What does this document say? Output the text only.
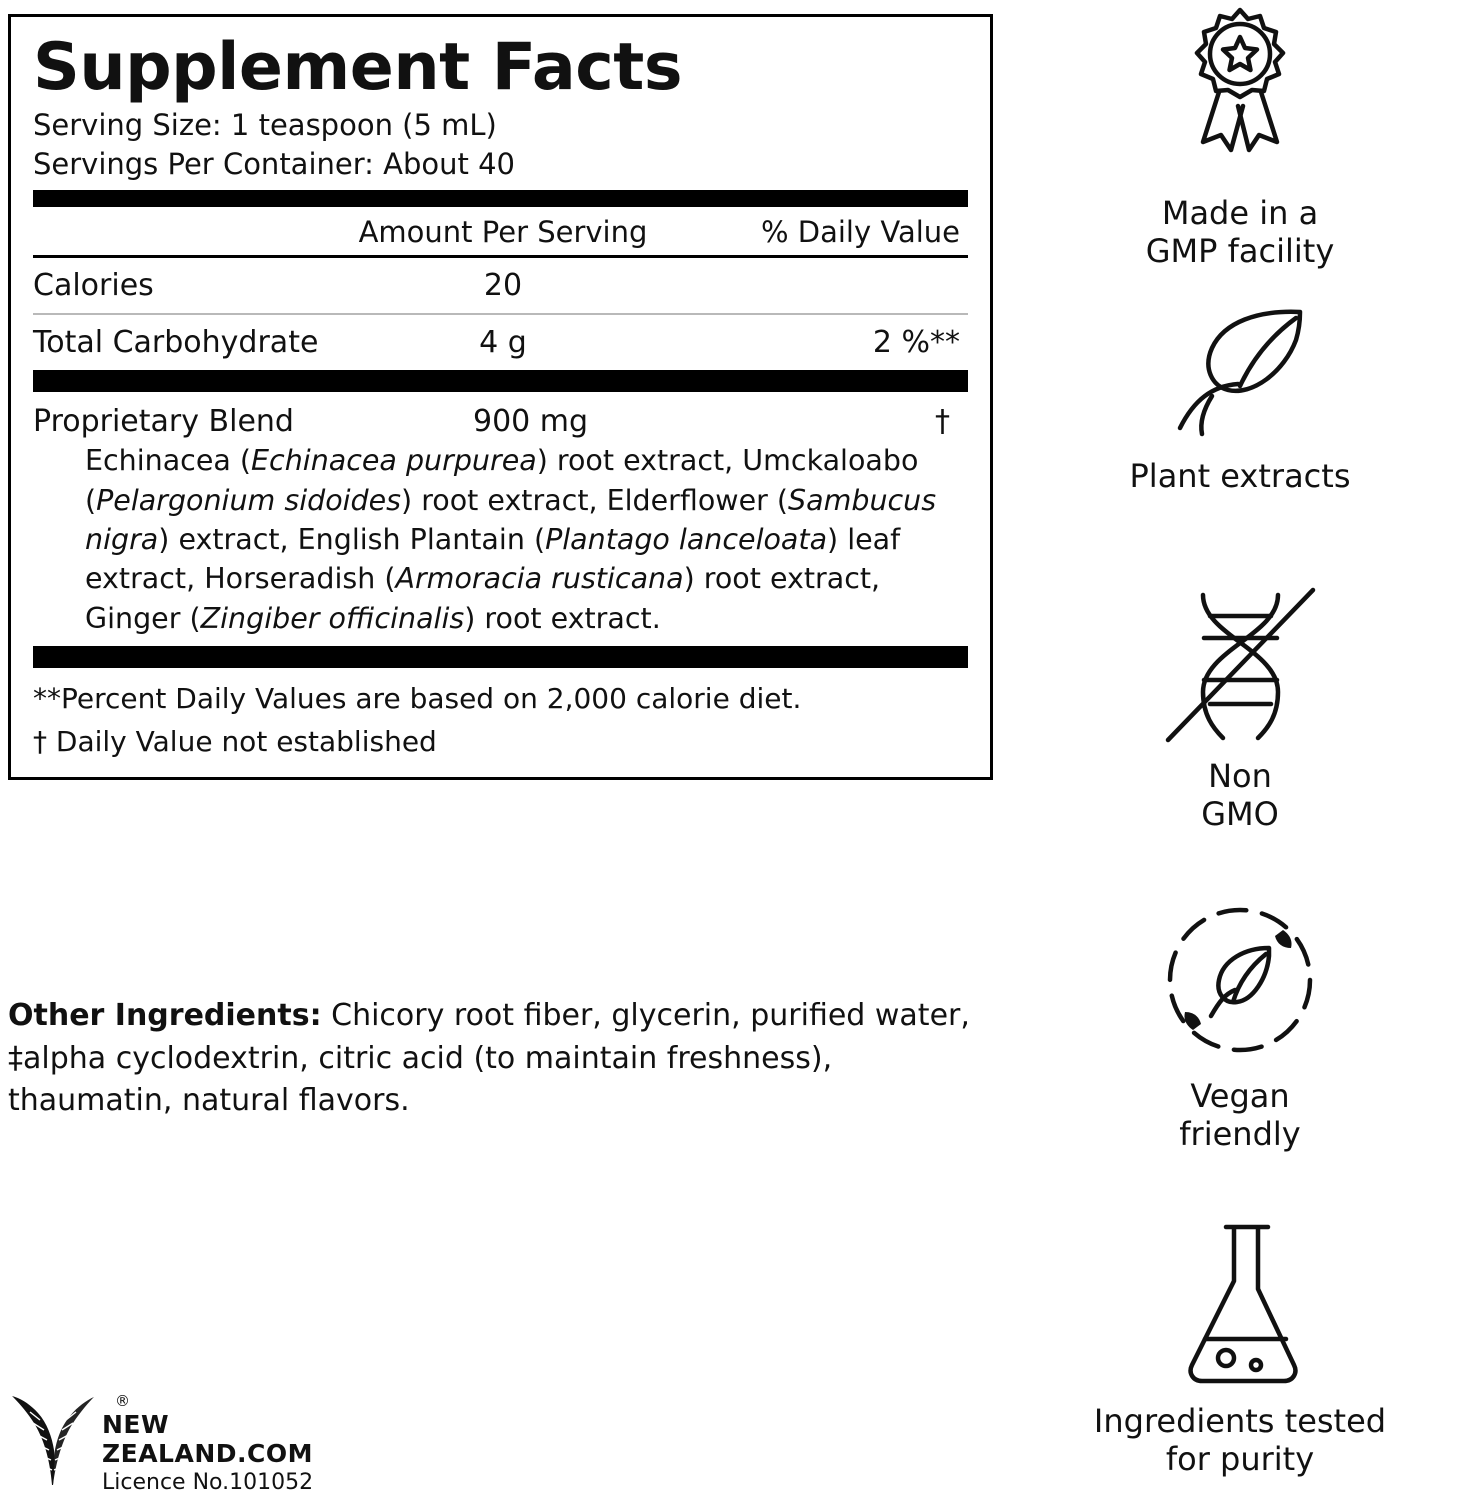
Supplement Facts
Serving Size: 1 teaspoon (5 mL)
Servings Per Container: About 40
Amount Per Serving	% Daily Value
Calories	20
Total Carbohydrate	4 g	2 %**
Proprietary Blend	900 mg	†
Echinacea (Echinacea purpurea) root extract, Umckaloabo (Pelargonium sidoides) root extract, Elderflower (Sambucus nigra) extract, English Plantain (Plantago lanceloata) leaf extract, Horseradish (Armoracia rusticana) root extract, Ginger (Zingiber officinalis) root extract.
**Percent Daily Values are based on 2,000 calorie diet.
† Daily Value not established
Other Ingredients: Chicory root fiber, glycerin, purified water, ‡alpha cyclodextrin, citric acid (to maintain freshness), thaumatin, natural flavors.
®
NEW ZEALAND.COM
Licence No.101052
Made in a
GMP facility
Plant extracts
Non
GMO
Vegan
friendly
Ingredients tested
for purity
